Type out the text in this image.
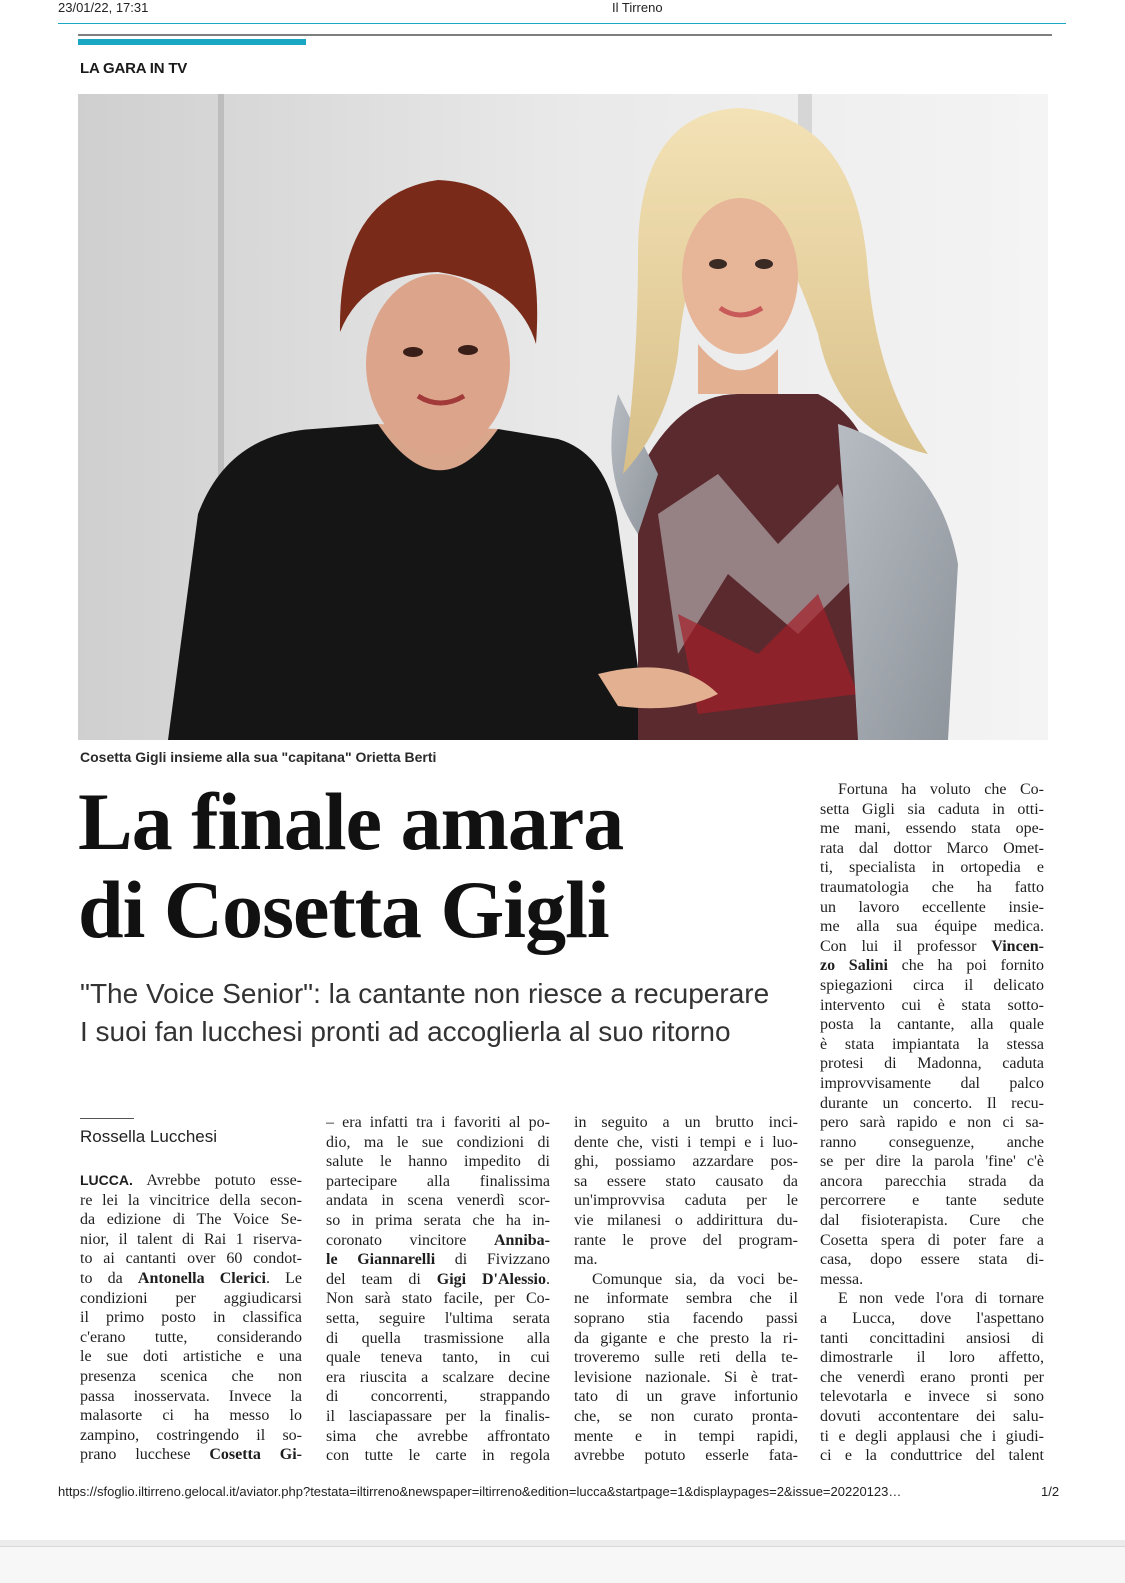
23/01/22, 17:31	Il Tirreno
LA GARA IN TV
Cosetta Gigli insieme alla sua "capitana" Orietta Berti
La finale amara
di Cosetta Gigli
"The Voice Senior": la cantante non riesce a recuperare
I suoi fan lucchesi pronti ad accoglierla al suo ritorno
Rossella Lucchesi
LUCCA. Avrebbe potuto esse-
re lei la vincitrice della secon-
da edizione di The Voice Se-
nior, il talent di Rai 1 riserva-
to ai cantanti over 60 condot-
to da Antonella Clerici. Le
condizioni per aggiudicarsi
il primo posto in classifica
c'erano tutte, considerando
le sue doti artistiche e una
presenza scenica che non
passa inosservata. Invece la
malasorte ci ha messo lo
zampino, costringendo il so-
prano lucchese Cosetta Gi-
– era infatti tra i favoriti al po-
dio, ma le sue condizioni di
salute le hanno impedito di
partecipare alla finalissima
andata in scena venerdì scor-
so in prima serata che ha in-
coronato vincitore Anniba-
le Giannarelli di Fivizzano
del team di Gigi D'Alessio.
Non sarà stato facile, per Co-
setta, seguire l'ultima serata
di quella trasmissione alla
quale teneva tanto, in cui
era riuscita a scalzare decine
di concorrenti, strappando
il lasciapassare per la finalis-
sima che avrebbe affrontato
con tutte le carte in regola
in seguito a un brutto inci-
dente che, visti i tempi e i luo-
ghi, possiamo azzardare pos-
sa essere stato causato da
un'improvvisa caduta per le
vie milanesi o addirittura du-
rante le prove del program-
ma.
Comunque sia, da voci be-
ne informate sembra che il
soprano stia facendo passi
da gigante e che presto la ri-
troveremo sulle reti della te-
levisione nazionale. Si è trat-
tato di un grave infortunio
che, se non curato pronta-
mente e in tempi rapidi,
avrebbe potuto esserle fata-
Fortuna ha voluto che Co-
setta Gigli sia caduta in otti-
me mani, essendo stata ope-
rata dal dottor Marco Omet-
ti, specialista in ortopedia e
traumatologia che ha fatto
un lavoro eccellente insie-
me alla sua équipe medica.
Con lui il professor Vincen-
zo Salini che ha poi fornito
spiegazioni circa il delicato
intervento cui è stata sotto-
posta la cantante, alla quale
è stata impiantata la stessa
protesi di Madonna, caduta
improvvisamente dal palco
durante un concerto. Il recu-
pero sarà rapido e non ci sa-
ranno conseguenze, anche
se per dire la parola 'fine' c'è
ancora parecchia strada da
percorrere e tante sedute
dal fisioterapista. Cure che
Cosetta spera di poter fare a
casa, dopo essere stata di-
messa.
E non vede l'ora di tornare
a Lucca, dove l'aspettano
tanti concittadini ansiosi di
dimostrarle il loro affetto,
che venerdì erano pronti per
televotarla e invece si sono
dovuti accontentare dei salu-
ti e degli applausi che i giudi-
ci e la conduttrice del talent
https://sfoglio.iltirreno.gelocal.it/aviator.php?testata=iltirreno&newspaper=iltirreno&edition=lucca&startpage=1&displaypages=2&issue=20220123…	1/2
